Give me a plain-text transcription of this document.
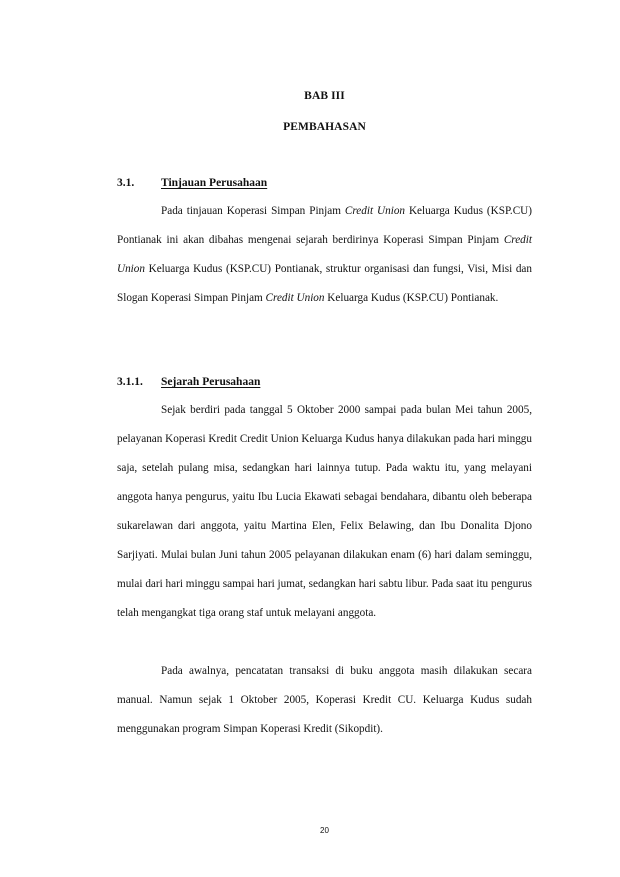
BAB III

PEMBAHASAN

3.1. Tinjauan Perusahaan

Pada tinjauan Koperasi Simpan Pinjam Credit Union Keluarga Kudus (KSP.CU) Pontianak ini akan dibahas mengenai sejarah berdirinya Koperasi Simpan Pinjam Credit Union Keluarga Kudus (KSP.CU) Pontianak, struktur organisasi dan fungsi, Visi, Misi dan Slogan Koperasi Simpan Pinjam Credit Union Keluarga Kudus (KSP.CU) Pontianak.

3.1.1. Sejarah Perusahaan

Sejak berdiri pada tanggal 5 Oktober 2000 sampai pada bulan Mei tahun 2005, pelayanan Koperasi Kredit Credit Union Keluarga Kudus hanya dilakukan pada hari minggu saja, setelah pulang misa, sedangkan hari lainnya tutup. Pada waktu itu, yang melayani anggota hanya pengurus, yaitu Ibu Lucia Ekawati sebagai bendahara, dibantu oleh beberapa sukarelawan dari anggota, yaitu Martina Elen, Felix Belawing, dan Ibu Donalita Djono Sarjiyati. Mulai bulan Juni tahun 2005 pelayanan dilakukan enam (6) hari dalam seminggu, mulai dari hari minggu sampai hari jumat, sedangkan hari sabtu libur. Pada saat itu pengurus telah mengangkat tiga orang staf untuk melayani anggota.

Pada awalnya, pencatatan transaksi di buku anggota masih dilakukan secara manual. Namun sejak 1 Oktober 2005, Koperasi Kredit CU. Keluarga Kudus sudah menggunakan program Simpan Koperasi Kredit (Sikopdit).

20
